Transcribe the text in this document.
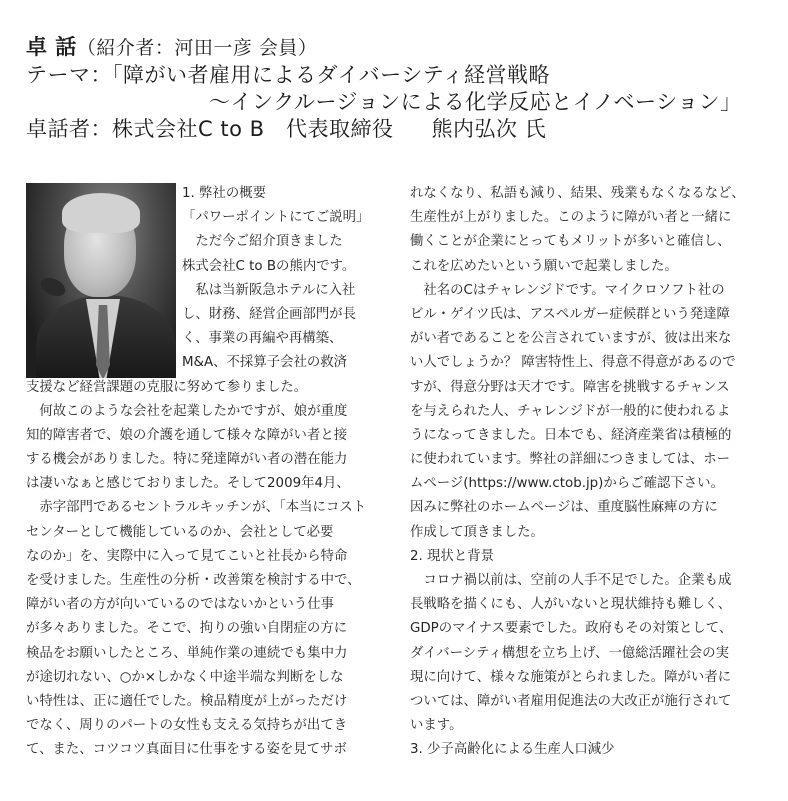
卓 話（紹介者：河田一彦 会員）
テーマ：「障がい者雇用によるダイバーシティ経営戦略
～インクルージョンによる化学反応とイノベーション」
卓話者：株式会社C to B　代表取締役 熊内弘次 氏
1. 弊社の概要
「パワーポイントにてご説明」
　ただ今ご紹介頂きました
株式会社C to Bの熊内です。
　私は当新阪急ホテルに入社
し、財務、経営企画部門が長
く、事業の再編や再構築、
M&A、不採算子会社の救済
支援など経営課題の克服に努めて参りました。
　何故このような会社を起業したかですが、娘が重度
知的障害者で、娘の介護を通して様々な障がい者と接
する機会がありました。特に発達障がい者の潜在能力
は凄いなぁと感じておりました。そして2009年4月、
　赤字部門であるセントラルキッチンが、「本当にコスト
センターとして機能しているのか、会社として必要
なのか」を、実際中に入って見てこいと社長から特命
を受けました。生産性の分析・改善策を検討する中で、
障がい者の方が向いているのではないかという仕事
が多々ありました。そこで、拘りの強い自閉症の方に
検品をお願いしたところ、単純作業の連続でも集中力
が途切れない、○か×しかなく中途半端な判断をしな
い特性は、正に適任でした。検品精度が上がっただけ
でなく、周りのパートの女性も支える気持ちが出てき
て、また、コツコツ真面目に仕事をする姿を見てサボ
れなくなり、私語も減り、結果、残業もなくなるなど、
生産性が上がりました。このように障がい者と一緒に
働くことが企業にとってもメリットが多いと確信し、
これを広めたいという願いで起業しました。
　社名のCはチャレンジドです。マイクロソフト社の
ビル・ゲイツ氏は、アスペルガー症候群という発達障
がい者であることを公言されていますが、彼は出来な
い人でしょうか？ 障害特性上、得意不得意があるので
すが、得意分野は天才です。障害を挑戦するチャンス
を与えられた人、チャレンジドが一般的に使われるよ
うになってきました。日本でも、経済産業省は積極的
に使われています。弊社の詳細につきましては、ホー
ムページ(https://www.ctob.jp)からご確認下さい。
因みに弊社のホームページは、重度脳性麻痺の方に
作成して頂きました。
2. 現状と背景
　コロナ禍以前は、空前の人手不足でした。企業も成
長戦略を描くにも、人がいないと現状維持も難しく、
GDPのマイナス要素でした。政府もその対策として、
ダイバーシティ構想を立ち上げ、一億総活躍社会の実
現に向けて、様々な施策がとられました。障がい者に
ついては、障がい者雇用促進法の大改正が施行されて
います。
3. 少子高齢化による生産人口減少
